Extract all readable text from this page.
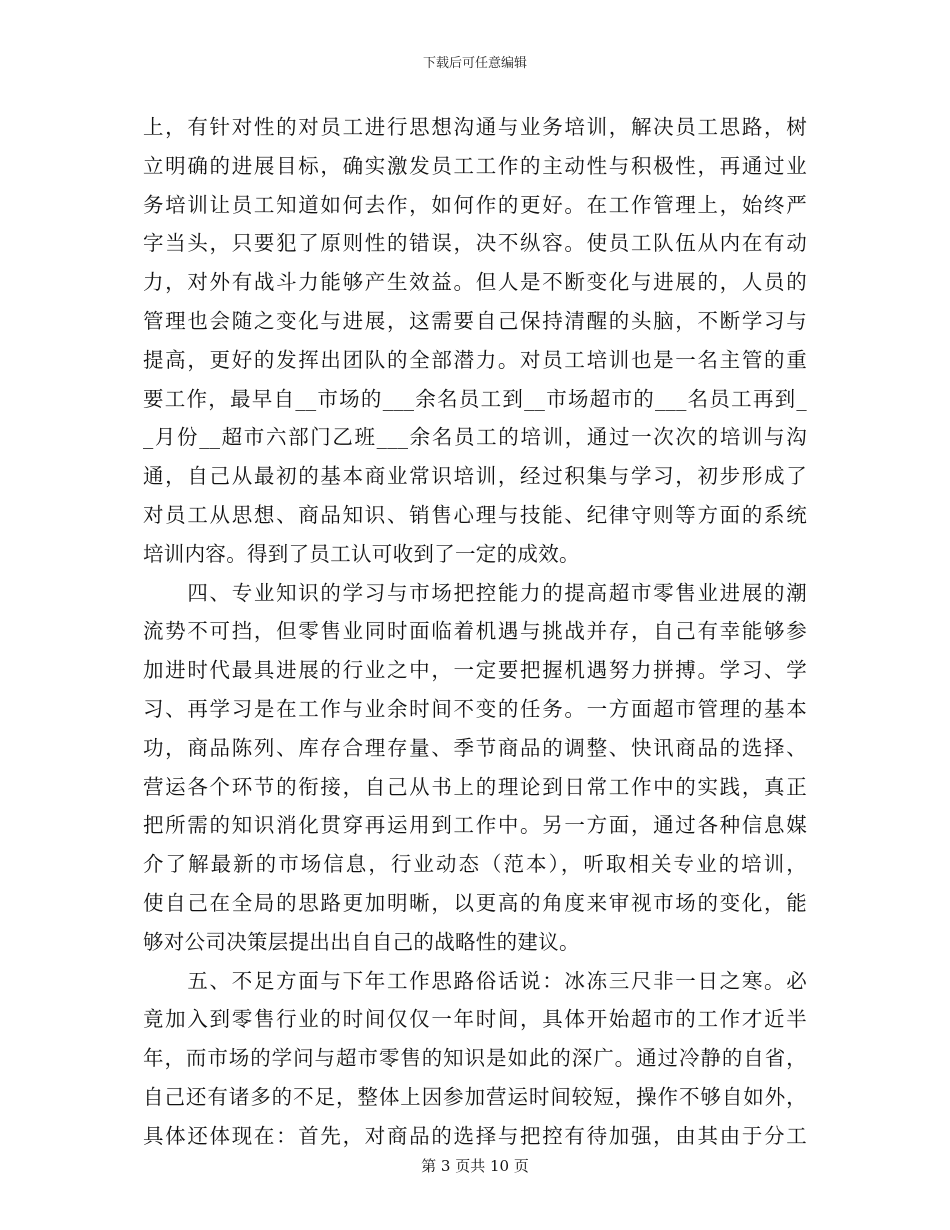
下载后可任意编辑
上，有针对性的对员工进行思想沟通与业务培训，解决员工思路，树
立明确的进展目标，确实激发员工工作的主动性与积极性，再通过业
务培训让员工知道如何去作，如何作的更好。在工作管理上，始终严
字当头，只要犯了原则性的错误，决不纵容。使员工队伍从内在有动
力，对外有战斗力能够产生效益。但人是不断变化与进展的，人员的
管理也会随之变化与进展，这需要自己保持清醒的头脑，不断学习与
提高，更好的发挥出团队的全部潜力。对员工培训也是一名主管的重
要工作，最早自__市场的___余名员工到__市场超市的___名员工再到_
_月份__超市六部门乙班___余名员工的培训，通过一次次的培训与沟
通，自己从最初的基本商业常识培训，经过积集与学习，初步形成了
对员工从思想、商品知识、销售心理与技能、纪律守则等方面的系统
培训内容。得到了员工认可收到了一定的成效。
　　四、专业知识的学习与市场把控能力的提高超市零售业进展的潮
流势不可挡，但零售业同时面临着机遇与挑战并存，自己有幸能够参
加进时代最具进展的行业之中，一定要把握机遇努力拼搏。学习、学
习、再学习是在工作与业余时间不变的任务。一方面超市管理的基本
功，商品陈列、库存合理存量、季节商品的调整、快讯商品的选择、
营运各个环节的衔接，自己从书上的理论到日常工作中的实践，真正
把所需的知识消化贯穿再运用到工作中。另一方面，通过各种信息媒
介了解最新的市场信息，行业动态（范本），听取相关专业的培训，
使自己在全局的思路更加明晰，以更高的角度来审视市场的变化，能
够对公司决策层提出出自自己的战略性的建议。
　　五、不足方面与下年工作思路俗话说：冰冻三尺非一日之寒。必
竟加入到零售行业的时间仅仅一年时间，具体开始超市的工作才近半
年，而市场的学问与超市零售的知识是如此的深广。通过冷静的自省，
自己还有诸多的不足，整体上因参加营运时间较短，操作不够自如外，
具体还体现在：首先，对商品的选择与把控有待加强，由其由于分工
第 3 页共 10 页
